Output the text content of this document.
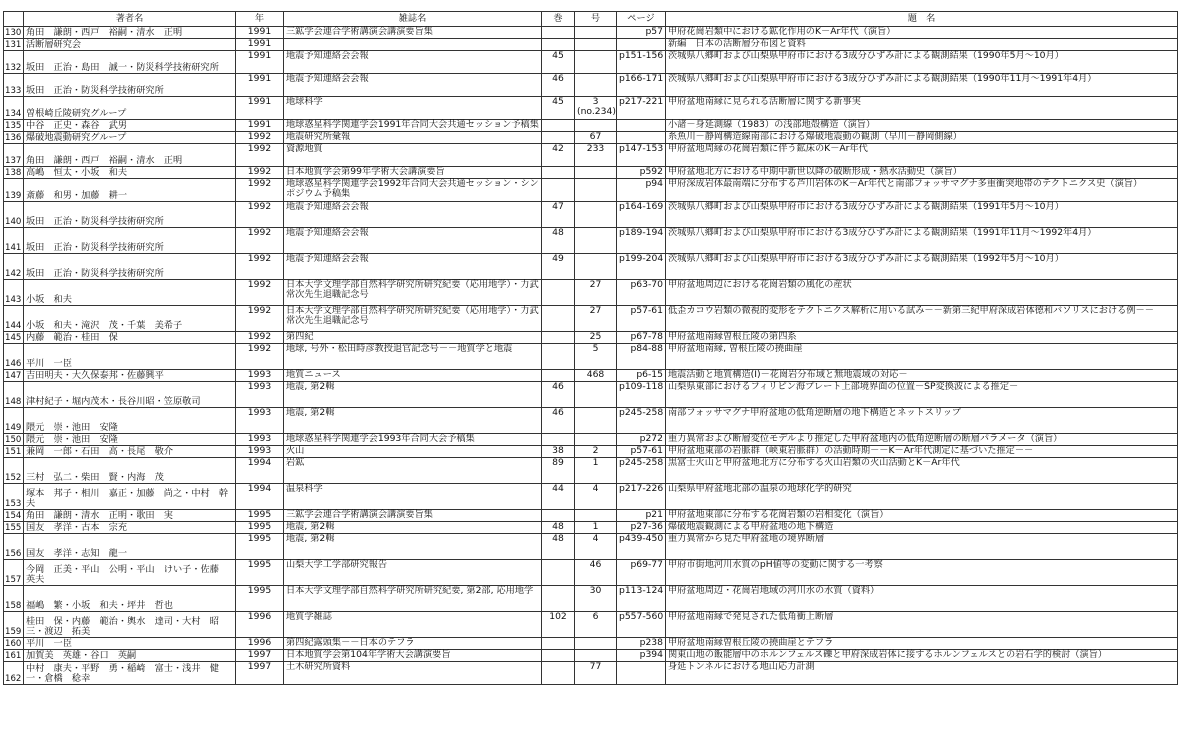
	著者名	年	雑誌名	巻	号	ページ	題　名
130	角田　謙朗・西戸　裕嗣・清水　正明	1991	三鉱学会連合学術講演会講演要旨集			p57	甲府花崗岩類中における鉱化作用のK－Ar年代（演旨）
131	活断層研究会	1991					新編　日本の活断層分布図と資料
132	坂田　正治・島田　誠一・防災科学技術研究所	1991	地震予知連絡会会報	45		p151-156	茨城県八郷町および山梨県甲府市における3成分ひずみ計による観測結果（1990年5月～10月）
133	坂田　正治・防災科学技術研究所	1991	地震予知連絡会会報	46		p166-171	茨城県八郷町および山梨県甲府市における3成分ひずみ計による観測結果（1990年11月～1991年4月）
134	曽根崎丘陵研究グループ	1991	地球科学	45	3 (no.234)	p217-221	甲府盆地南縁に見られる活断層に関する新事実
135	中谷　正史・森谷　武男	1991	地球惑星科学関連学会1991年合同大会共通セッション予稿集				小諸－身延測線（1983）の浅部地殻構造（演旨）
136	爆破地震動研究グループ	1992	地震研究所彙報		67		糸魚川－静岡構造線南部における爆破地震動の観測（早川－静岡側線）
137	角田　謙朗・西戸　裕嗣・清水　正明	1992	資源地質	42	233	p147-153	甲府盆地周縁の花崗岩類に伴う鉱床のK－Ar年代
138	高嶋　恒太・小坂　和夫	1992	日本地質学会第99年学術大会講演要旨			p592	甲府盆地北方における中期中新世以降の破断形成・熱水活動史（演旨）
139	斎藤　和男・加藤　耕一	1992	地球惑星科学関連学会1992年合同大会共通セッション・シンポジウム予稿集			p94	甲府深成岩体最南端に分布する芦川岩体のK－Ar年代と南部フォッサマグナ多重衝突地帯のテクトニクス史（演旨）
140	坂田　正治・防災科学技術研究所	1992	地震予知連絡会会報	47		p164-169	茨城県八郷町および山梨県甲府市における3成分ひずみ計による観測結果（1991年5月～10月）
141	坂田　正治・防災科学技術研究所	1992	地震予知連絡会会報	48		p189-194	茨城県八郷町および山梨県甲府市における3成分ひずみ計による観測結果（1991年11月～1992年4月）
142	坂田　正治・防災科学技術研究所	1992	地震予知連絡会会報	49		p199-204	茨城県八郷町および山梨県甲府市における3成分ひずみ計による観測結果（1992年5月～10月）
143	小坂　和夫	1992	日本大学文理学部自然科学研究所研究紀要（応用地学）・力武　常次先生退職記念号		27	p63-70	甲府盆地周辺における花崗岩類の風化の産状
144	小坂　和夫・滝沢　茂・千葉　美希子	1992	日本大学文理学部自然科学研究所研究紀要（応用地学）・力武　常次先生退職記念号		27	p57-61	低歪カコウ岩類の微視的変形をテクトニクス解析に用いる試み－－新第三紀甲府深成岩体徳和バソリスにおける例－－
145	内藤　範治・桂田　保	1992	第四紀		25	p67-78	甲府盆地南縁曽根丘陵の第四系
146	平川　一臣	1992	地球, 号外・松田時彦教授退官記念号－－地質学と地震		5	p84-88	甲府盆地南縁, 曽根丘陵の撓曲崖
147	吉田明夫・大久保泰邦・佐藤興平	1993	地質ニュース		468	p6-15	地震活動と地質構造(I)－花崗岩分布域と無地震域の対応－
148	津村紀子・堀内茂木・長谷川昭・笠原敬司	1993	地震, 第2輯	46		p109-118	山梨県東部におけるフィリピン海プレート上部境界面の位置－SP変換波による推定－
149	隈元　崇・池田　安隆	1993	地震, 第2輯	46		p245-258	南部フォッサマグナ甲府盆地の低角逆断層の地下構造とネットスリップ
150	隈元　崇・池田　安隆	1993	地球惑星科学関連学会1993年合同大会予稿集			p272	重力異常および断層変位モデルより推定した甲府盆地内の低角逆断層の断層パラメータ（演旨）
151	兼岡　一郎・石田　高・長尾　敬介	1993	火山	38	2	p57-61	甲府盆地東部の岩脈群（峡東岩脈群）の活動時期－－K－Ar年代測定に基づいた推定－－
152	三村　弘二・柴田　賢・内海　茂	1994	岩鉱	89	1	p245-258	黒富士火山と甲府盆地北方に分布する火山岩類の火山活動とK－Ar年代
153	塚本　邦子・相川　嘉正・加藤　尚之・中村　幹夫	1994	温泉科学	44	4	p217-226	山梨県甲府盆地北部の温泉の地球化学的研究
154	角田　謙朗・清水　正明・歌田　実	1995	三鉱学会連合学術講演会講演要旨集			p21	甲府盆地東部に分布する花崗岩類の岩相変化（演旨）
155	国友　孝洋・古本　宗充	1995	地震, 第2輯	48	1	p27-36	爆破地震観測による甲府盆地の地下構造
156	国友　孝洋・志知　龍一	1995	地震, 第2輯	48	4	p439-450	重力異常から見た甲府盆地の境界断層
157	今岡　正美・平山　公明・平山　けい子・佐藤　英夫	1995	山梨大学工学部研究報告		46	p69-77	甲府市街地河川水質のpH値等の変動に関する一考察
158	福嶋　繁・小坂　和夫・坪井　哲也	1995	日本大学文理学部自然科学研究所研究紀要, 第2部, 応用地学		30	p113-124	甲府盆地周辺・花崗岩地域の河川水の水質（資料）
159	桂田　保・内藤　範治・輿水　達司・大村　昭三・渡辺　拓美	1996	地質学雑誌	102	6	p557-560	甲府盆地南縁で発見された低角衝上断層
160	平川　一臣	1996	第四紀露頭集－－日本のテフラ			p238	甲府盆地南縁曽根丘陵の撓曲崖とテフラ
161	加賀美　英雄・谷口　英嗣	1997	日本地質学会第104年学術大会講演要旨			p394	関東山地の飯能層中のホルンフェルス礫と甲府深成岩体に接するホルンフェルスとの岩石学的検討（演旨）
162	中村　康夫・平野　勇・稲崎　富士・浅井　健一・倉橋　稔幸	1997	土木研究所資料		77		身延トンネルにおける地山応力計測
